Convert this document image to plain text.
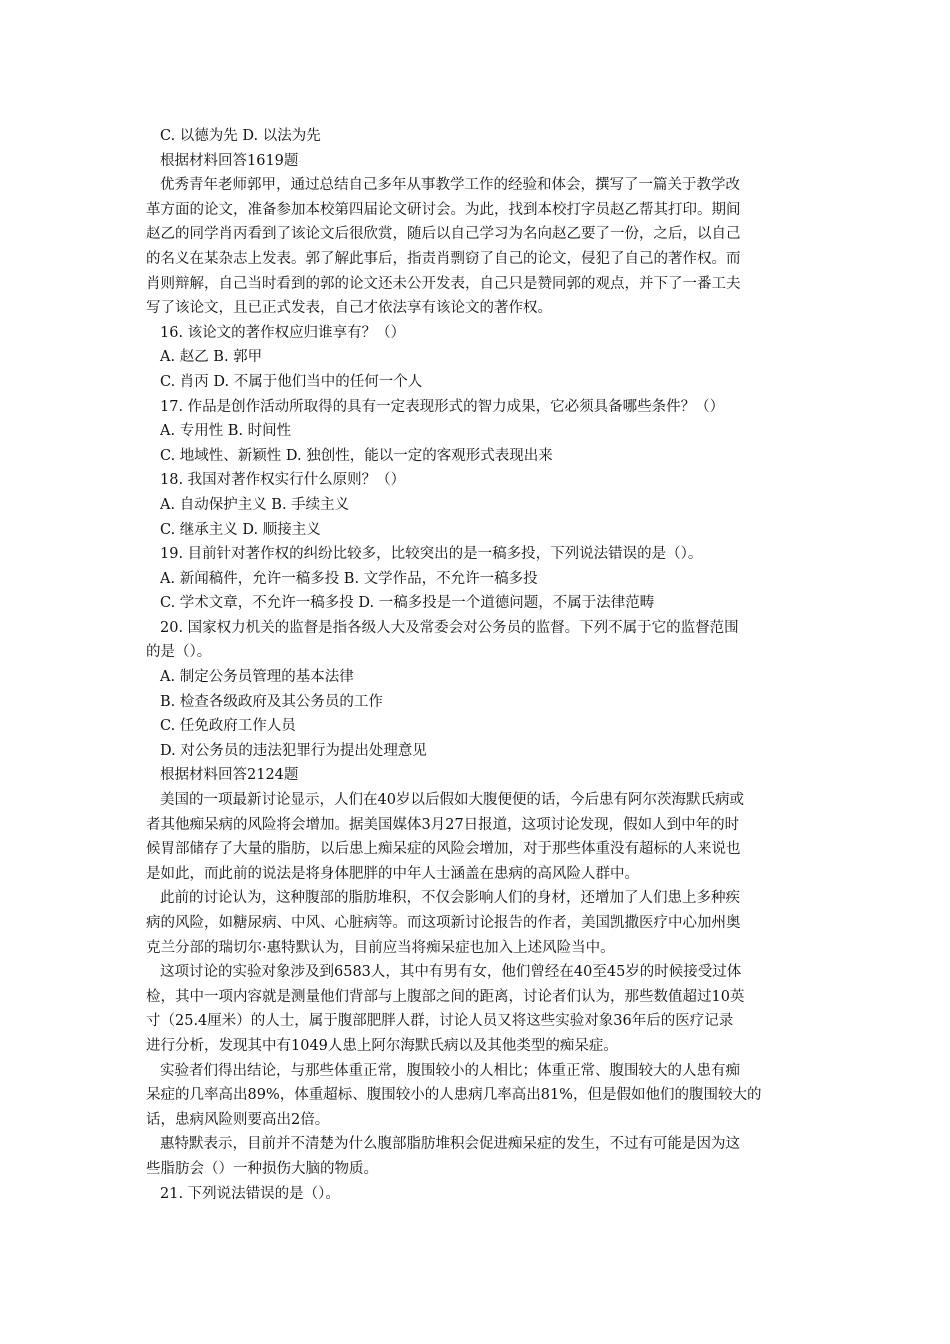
C. 以德为先 D. 以法为先
根据材料回答1619题
优秀青年老师郭甲，通过总结自己多年从事教学工作的经验和体会，撰写了一篇关于教学改
革方面的论文，准备参加本校第四届论文研讨会。为此，找到本校打字员赵乙帮其打印。期间
赵乙的同学肖丙看到了该论文后很欣赏，随后以自己学习为名向赵乙要了一份，之后，以自己
的名义在某杂志上发表。郭了解此事后，指责肖剽窃了自己的论文，侵犯了自己的著作权。而
肖则辩解，自己当时看到的郭的论文还未公开发表，自己只是赞同郭的观点，并下了一番工夫
写了该论文，且已正式发表，自己才依法享有该论文的著作权。
16. 该论文的著作权应归谁享有？（）
A. 赵乙 B. 郭甲
C. 肖丙 D. 不属于他们当中的任何一个人
17. 作品是创作活动所取得的具有一定表现形式的智力成果，它必须具备哪些条件？（）
A. 专用性 B. 时间性
C. 地域性、新颖性 D. 独创性，能以一定的客观形式表现出来
18. 我国对著作权实行什么原则？（）
A. 自动保护主义 B. 手续主义
C. 继承主义 D. 顺接主义
19. 目前针对著作权的纠纷比较多，比较突出的是一稿多投，下列说法错误的是（）。
A. 新闻稿件，允许一稿多投 B. 文学作品，不允许一稿多投
C. 学术文章，不允许一稿多投 D. 一稿多投是一个道德问题，不属于法律范畴
20. 国家权力机关的监督是指各级人大及常委会对公务员的监督。下列不属于它的监督范围
的是（）。
A. 制定公务员管理的基本法律
B. 检查各级政府及其公务员的工作
C. 任免政府工作人员
D. 对公务员的违法犯罪行为提出处理意见
根据材料回答2124题
美国的一项最新讨论显示，人们在40岁以后假如大腹便便的话，今后患有阿尔茨海默氏病或
者其他痴呆病的风险将会增加。据美国媒体3月27日报道，这项讨论发现，假如人到中年的时
候胃部储存了大量的脂肪，以后患上痴呆症的风险会增加，对于那些体重没有超标的人来说也
是如此，而此前的说法是将身体肥胖的中年人士涵盖在患病的高风险人群中。
此前的讨论认为，这种腹部的脂肪堆积，不仅会影响人们的身材，还增加了人们患上多种疾
病的风险，如糖尿病、中风、心脏病等。而这项新讨论报告的作者，美国凯撒医疗中心加州奥
克兰分部的瑞切尔·惠特默认为，目前应当将痴呆症也加入上述风险当中。
这项讨论的实验对象涉及到6583人，其中有男有女，他们曾经在40至45岁的时候接受过体
检，其中一项内容就是测量他们背部与上腹部之间的距离，讨论者们认为，那些数值超过10英
寸（25.4厘米）的人士，属于腹部肥胖人群，讨论人员又将这些实验对象36年后的医疗记录
进行分析，发现其中有1049人患上阿尔海默氏病以及其他类型的痴呆症。
实验者们得出结论，与那些体重正常，腹围较小的人相比；体重正常、腹围较大的人患有痴
呆症的几率高出89%，体重超标、腹围较小的人患病几率高出81%，但是假如他们的腹围较大的
话，患病风险则要高出2倍。
惠特默表示，目前并不清楚为什么腹部脂肪堆积会促进痴呆症的发生，不过有可能是因为这
些脂肪会（）一种损伤大脑的物质。
21. 下列说法错误的是（）。
